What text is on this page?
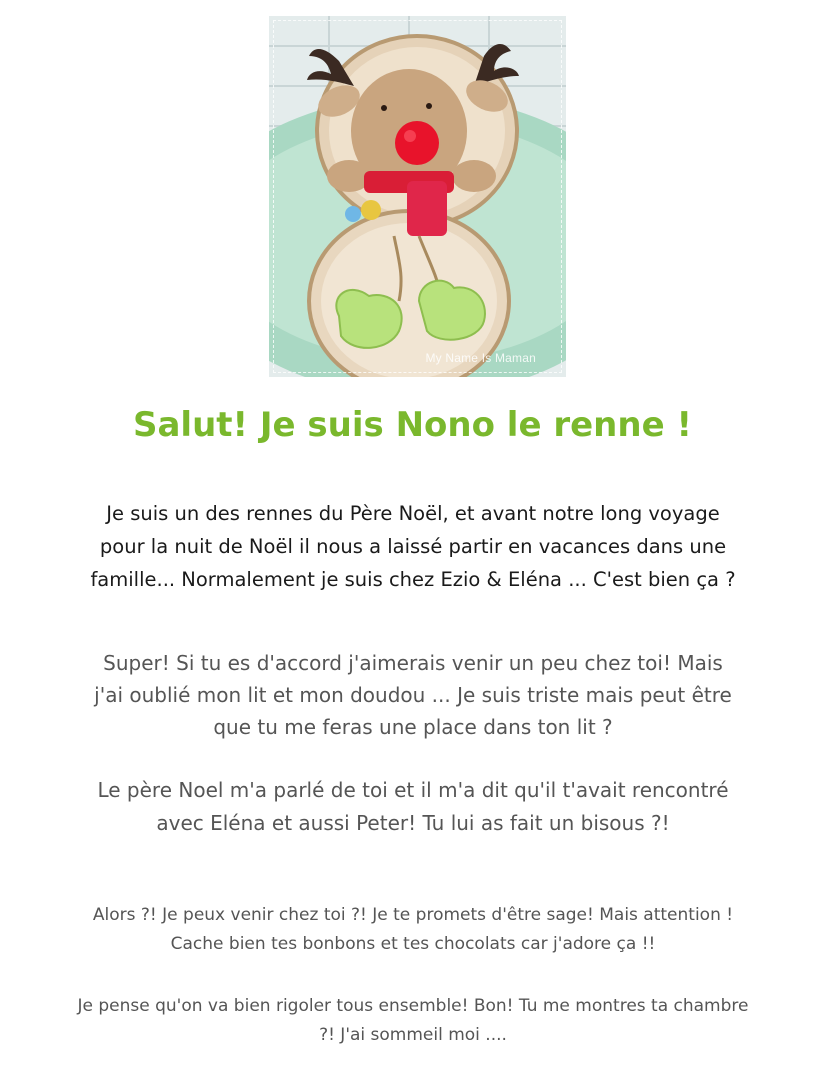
My Name Is Maman
Salut! Je suis Nono le renne !

Je suis un des rennes du Père Noël, et avant notre long voyage pour la nuit de Noël il nous a laissé partir en vacances dans une famille... Normalement je suis chez Ezio & Eléna ... C'est bien ça ?

Super! Si tu es d'accord j'aimerais venir un peu chez toi! Mais j'ai oublié mon lit et mon doudou ... Je suis triste mais peut être que tu me feras une place dans ton lit ?

Le père Noel m'a parlé de toi et il m'a dit qu'il t'avait rencontré avec Eléna et aussi Peter! Tu lui as fait un bisous ?!

Alors ?! Je peux venir chez toi ?! Je te promets d'être sage! Mais attention ! Cache bien tes bonbons et tes chocolats car j'adore ça !!

Je pense qu'on va bien rigoler tous ensemble! Bon! Tu me montres ta chambre ?! J'ai sommeil moi ....
